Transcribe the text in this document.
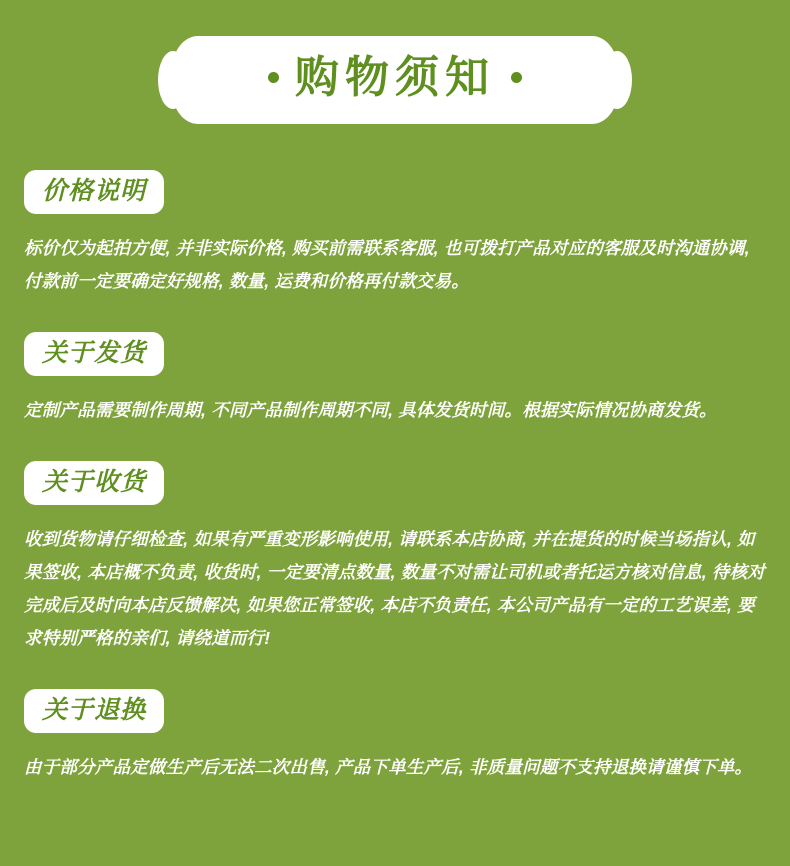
购物须知
价格说明
标价仅为起拍方便, 并非实际价格, 购买前需联系客服, 也可拨打产品对应的客服及时沟通协调, 付款前一定要确定好规格, 数量, 运费和价格再付款交易。
关于发货
定制产品需要制作周期, 不同产品制作周期不同, 具体发货时间。根据实际情况协商发货。
关于收货
收到货物请仔细检查, 如果有严重变形影响使用, 请联系本店协商, 并在提货的时候当场指认, 如果签收, 本店概不负责, 收货时, 一定要清点数量, 数量不对需让司机或者托运方核对信息, 待核对完成后及时向本店反馈解决, 如果您正常签收, 本店不负责任, 本公司产品有一定的工艺误差, 要求特别严格的亲们, 请绕道而行!
关于退换
由于部分产品定做生产后无法二次出售, 产品下单生产后, 非质量问题不支持退换请谨慎下单。
